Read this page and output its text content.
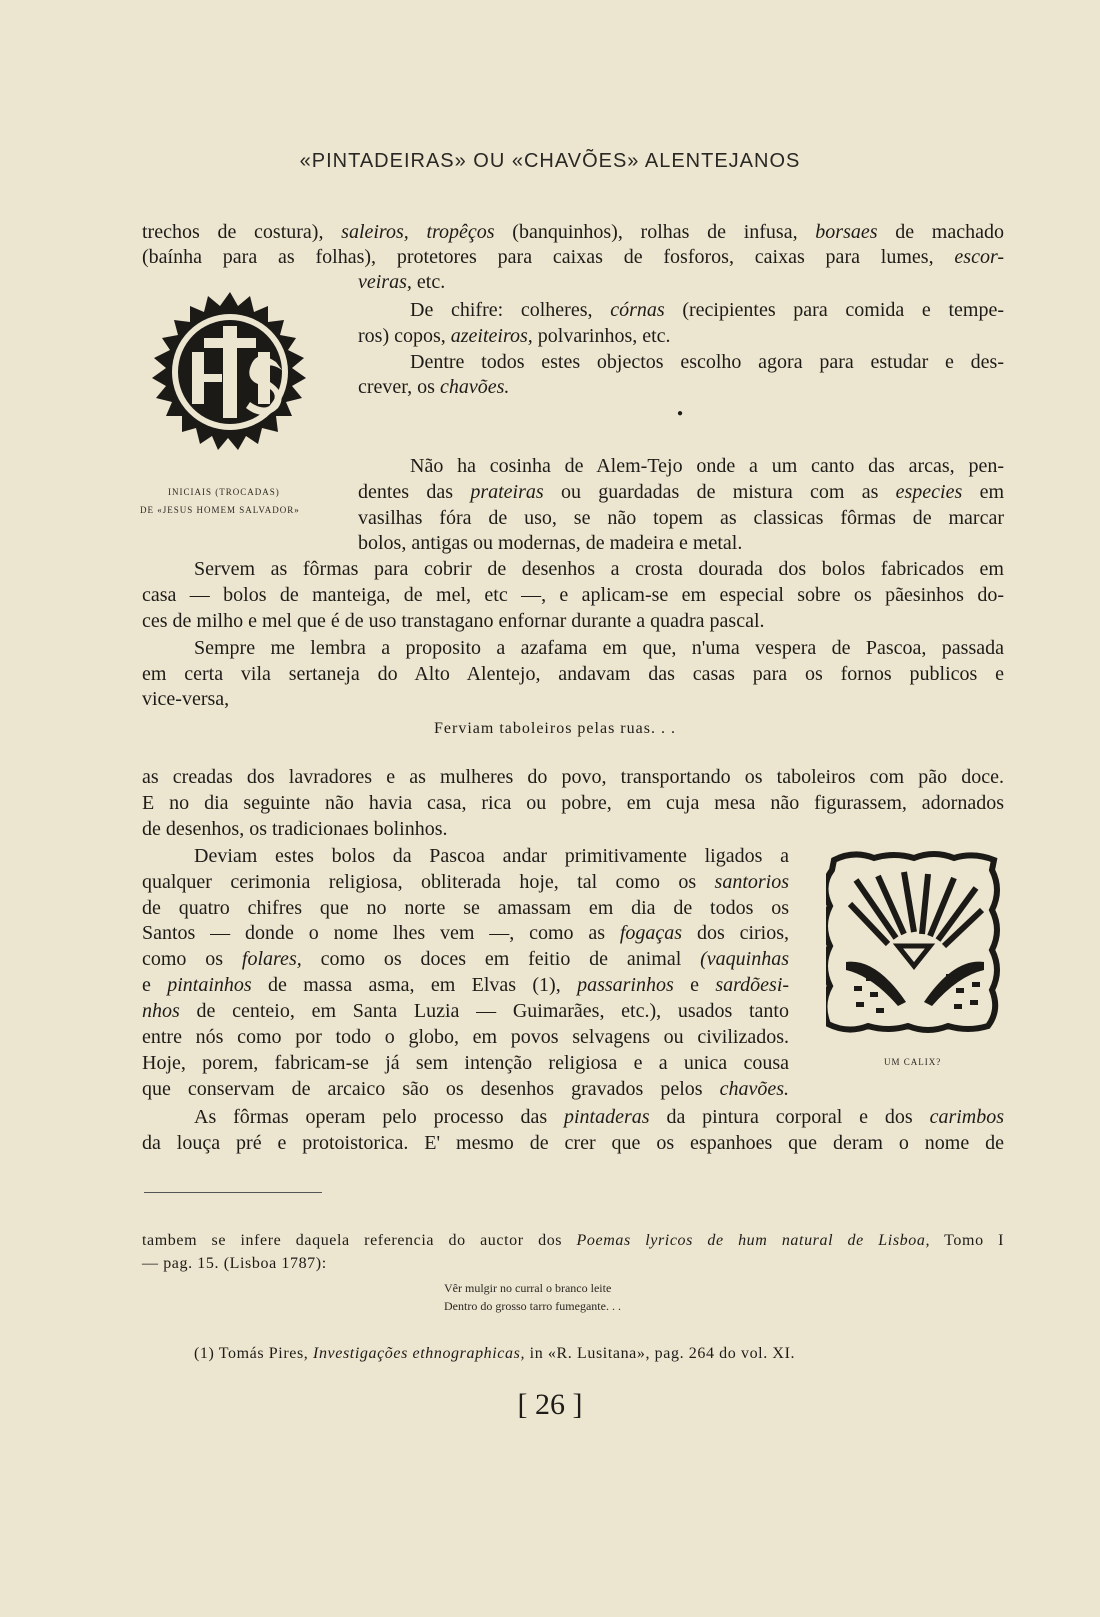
«PINTADEIRAS» OU «CHAVÕES» ALENTEJANOS
trechos de costura), saleiros, tropêços (banquinhos), rolhas de infusa, borsaes de machado
(baínha para as folhas), protetores para caixas de fosforos, caixas para lumes, escor-
veiras, etc.
De chifre: colheres, córnas (recipientes para comida e tempe-
ros) copos, azeiteiros, polvarinhos, etc.
Dentre todos estes objectos escolho agora para estudar e des-
crever, os chavões.
●
INICIAIS (TROCADAS)
DE «JESUS HOMEM SALVADOR»
Não ha cosinha de Alem-Tejo onde a um canto das arcas, pen-
dentes das prateiras ou guardadas de mistura com as especies em
vasilhas fóra de uso, se não topem as classicas fôrmas de marcar
bolos, antigas ou modernas, de madeira e metal.
Servem as fôrmas para cobrir de desenhos a crosta dourada dos bolos fabricados em
casa — bolos de manteiga, de mel, etc —, e aplicam-se em especial sobre os pãesinhos do-
ces de milho e mel que é de uso transtagano enfornar durante a quadra pascal.
Sempre me lembra a proposito a azafama em que, n'uma vespera de Pascoa, passada
em certa vila sertaneja do Alto Alentejo, andavam das casas para os fornos publicos e
vice-versa,
Ferviam taboleiros pelas ruas. . .
as creadas dos lavradores e as mulheres do povo, transportando os taboleiros com pão doce.
E no dia seguinte não havia casa, rica ou pobre, em cuja mesa não figurassem, adornados
de desenhos, os tradicionaes bolinhos.
Deviam estes bolos da Pascoa andar primitivamente ligados a
qualquer cerimonia religiosa, obliterada hoje, tal como os santorios
de quatro chifres que no norte se amassam em dia de todos os
Santos — donde o nome lhes vem —, como as fogaças dos cirios,
como os folares, como os doces em feitio de animal (vaquinhas
e pintainhos de massa asma, em Elvas (1), passarinhos e sardõesi-
nhos de centeio, em Santa Luzia — Guimarães, etc.), usados tanto
entre nós como por todo o globo, em povos selvagens ou civilizados.
Hoje, porem, fabricam-se já sem intenção religiosa e a unica cousa
que conservam de arcaico são os desenhos gravados pelos chavões.
UM CALIX?
As fôrmas operam pelo processo das pintaderas da pintura corporal e dos carimbos
da louça pré e protoistorica. E' mesmo de crer que os espanhoes que deram o nome de
tambem se infere daquela referencia do auctor dos Poemas lyricos de hum natural de Lisboa, Tomo I
— pag. 15. (Lisboa 1787):
Vêr mulgir no curral o branco leite
Dentro do grosso tarro fumegante. . .
(1) Tomás Pires, Investigações ethnographicas, in «R. Lusitana», pag. 264 do vol. XI.
[ 26 ]
